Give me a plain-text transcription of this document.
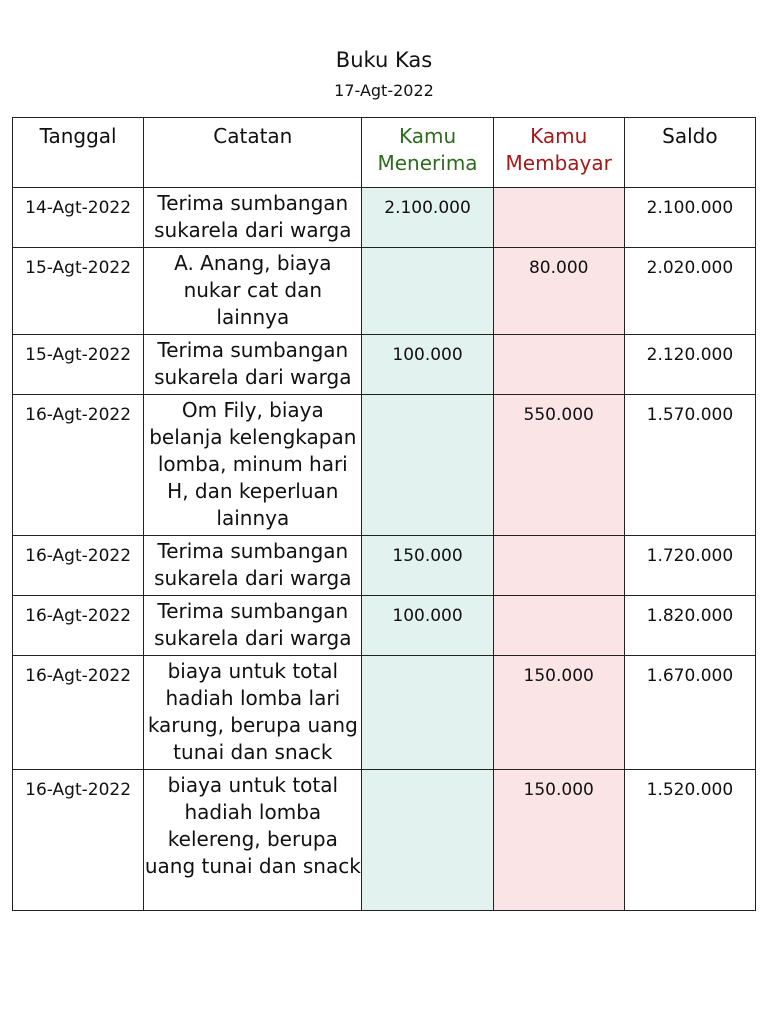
Buku Kas
17-Agt-2022
Tanggal	Catatan	Kamu Menerima	Kamu Membayar	Saldo

14-Agt-2022	Terima sumbangan sukarela dari warga	2.100.000		2.100.000

15-Agt-2022	A. Anang, biaya nukar cat dan lainnya		80.000	2.020.000

15-Agt-2022	Terima sumbangan sukarela dari warga	100.000		2.120.000

16-Agt-2022	Om Fily, biaya belanja kelengkapan lomba, minum hari H, dan keperluan lainnya		550.000	1.570.000

16-Agt-2022	Terima sumbangan sukarela dari warga	150.000		1.720.000

16-Agt-2022	Terima sumbangan sukarela dari warga	100.000		1.820.000

16-Agt-2022	biaya untuk total hadiah lomba lari karung, berupa uang tunai dan snack		150.000	1.670.000

16-Agt-2022	biaya untuk total hadiah lomba kelereng, berupa uang tunai dan snack		150.000	1.520.000
